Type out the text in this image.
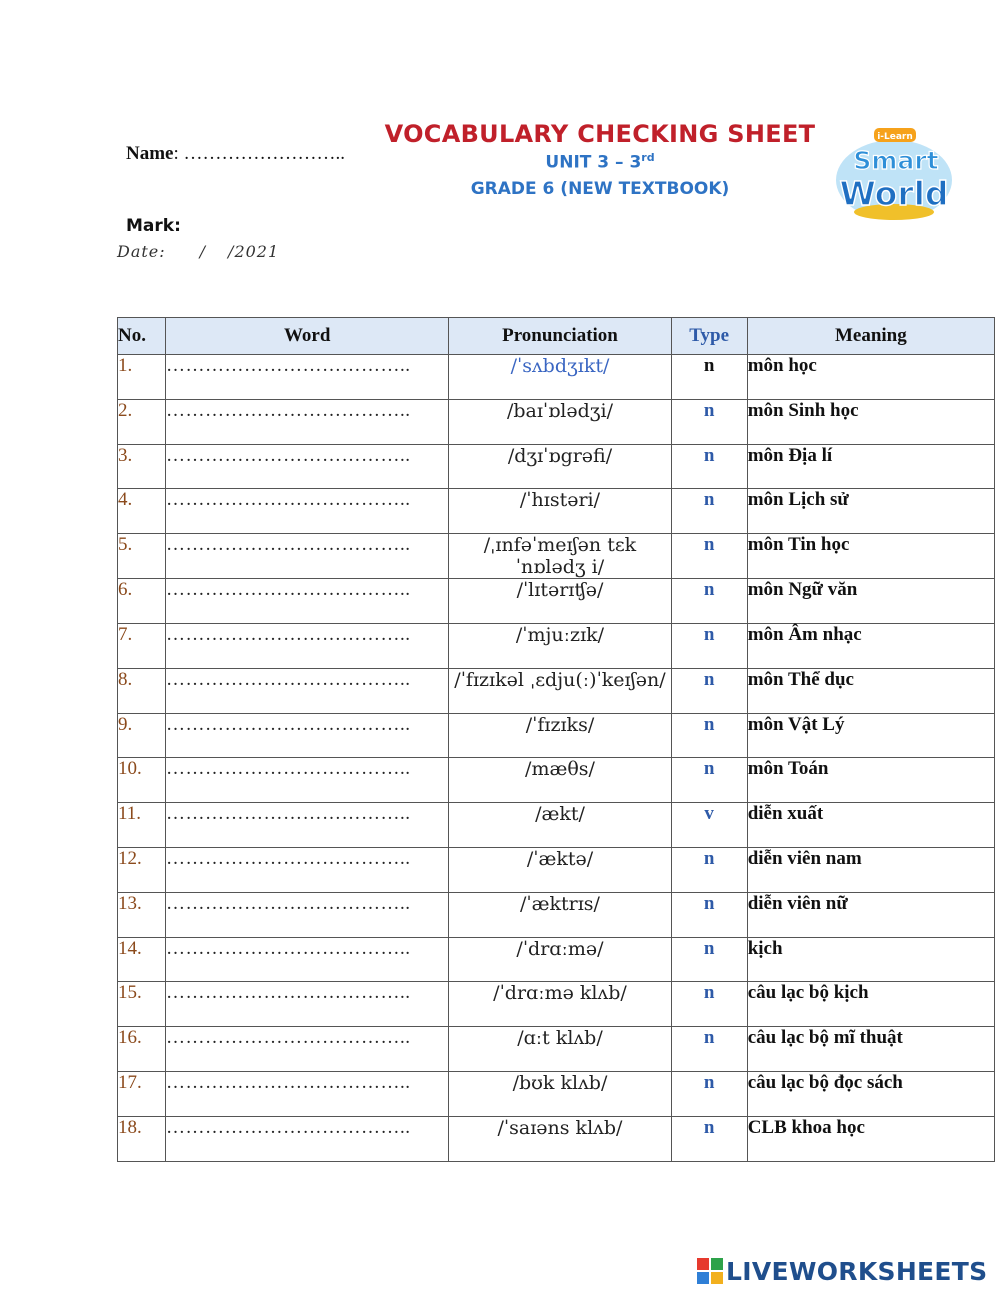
Name: ……………………..
VOCABULARY CHECKING SHEET
UNIT 3 – 3rd
GRADE 6 (NEW TEXTBOOK)
i-Learn
Smart
World
Mark:
Date: / /2021
No.	Word	Pronunciation	Type	Meaning
1.	………………………………..	/ˈsʌbdʒɪkt/	n	môn học
2.	………………………………..	/baɪˈɒlədʒi/	n	môn Sinh học
3.	………………………………..	/dʒɪˈɒgrəfi/	n	môn Địa lí
4.	………………………………..	/ˈhɪstəri/	n	môn Lịch sử
5.	………………………………..	/ˌɪnfəˈmeɪʃən tɛkˈnɒlədʒ i/	n	môn Tin học
6.	………………………………..	/ˈlɪtərɪʧə/	n	môn Ngữ văn
7.	………………………………..	/ˈmjuːzɪk/	n	môn Âm nhạc
8.	………………………………..	/ˈfɪzɪkəl ˌɛdju(ː)ˈkeɪʃən/	n	môn Thể dục
9.	………………………………..	/ˈfɪzɪks/	n	môn Vật Lý
10.	………………………………..	/mæθs/	n	môn Toán
11.	………………………………..	/ækt/	v	diễn xuất
12.	………………………………..	/ˈæktə/	n	diễn viên nam
13.	………………………………..	/ˈæktrɪs/	n	diễn viên nữ
14.	………………………………..	/ˈdrɑːmə/	n	kịch
15.	………………………………..	/ˈdrɑːmə klʌb/	n	câu lạc bộ kịch
16.	………………………………..	/ɑːt klʌb/	n	câu lạc bộ mĩ thuật
17.	………………………………..	/bʊk klʌb/	n	câu lạc bộ đọc sách
18.	………………………………..	/ˈsaɪəns klʌb/	n	CLB khoa học
LIVEWORKSHEETS
